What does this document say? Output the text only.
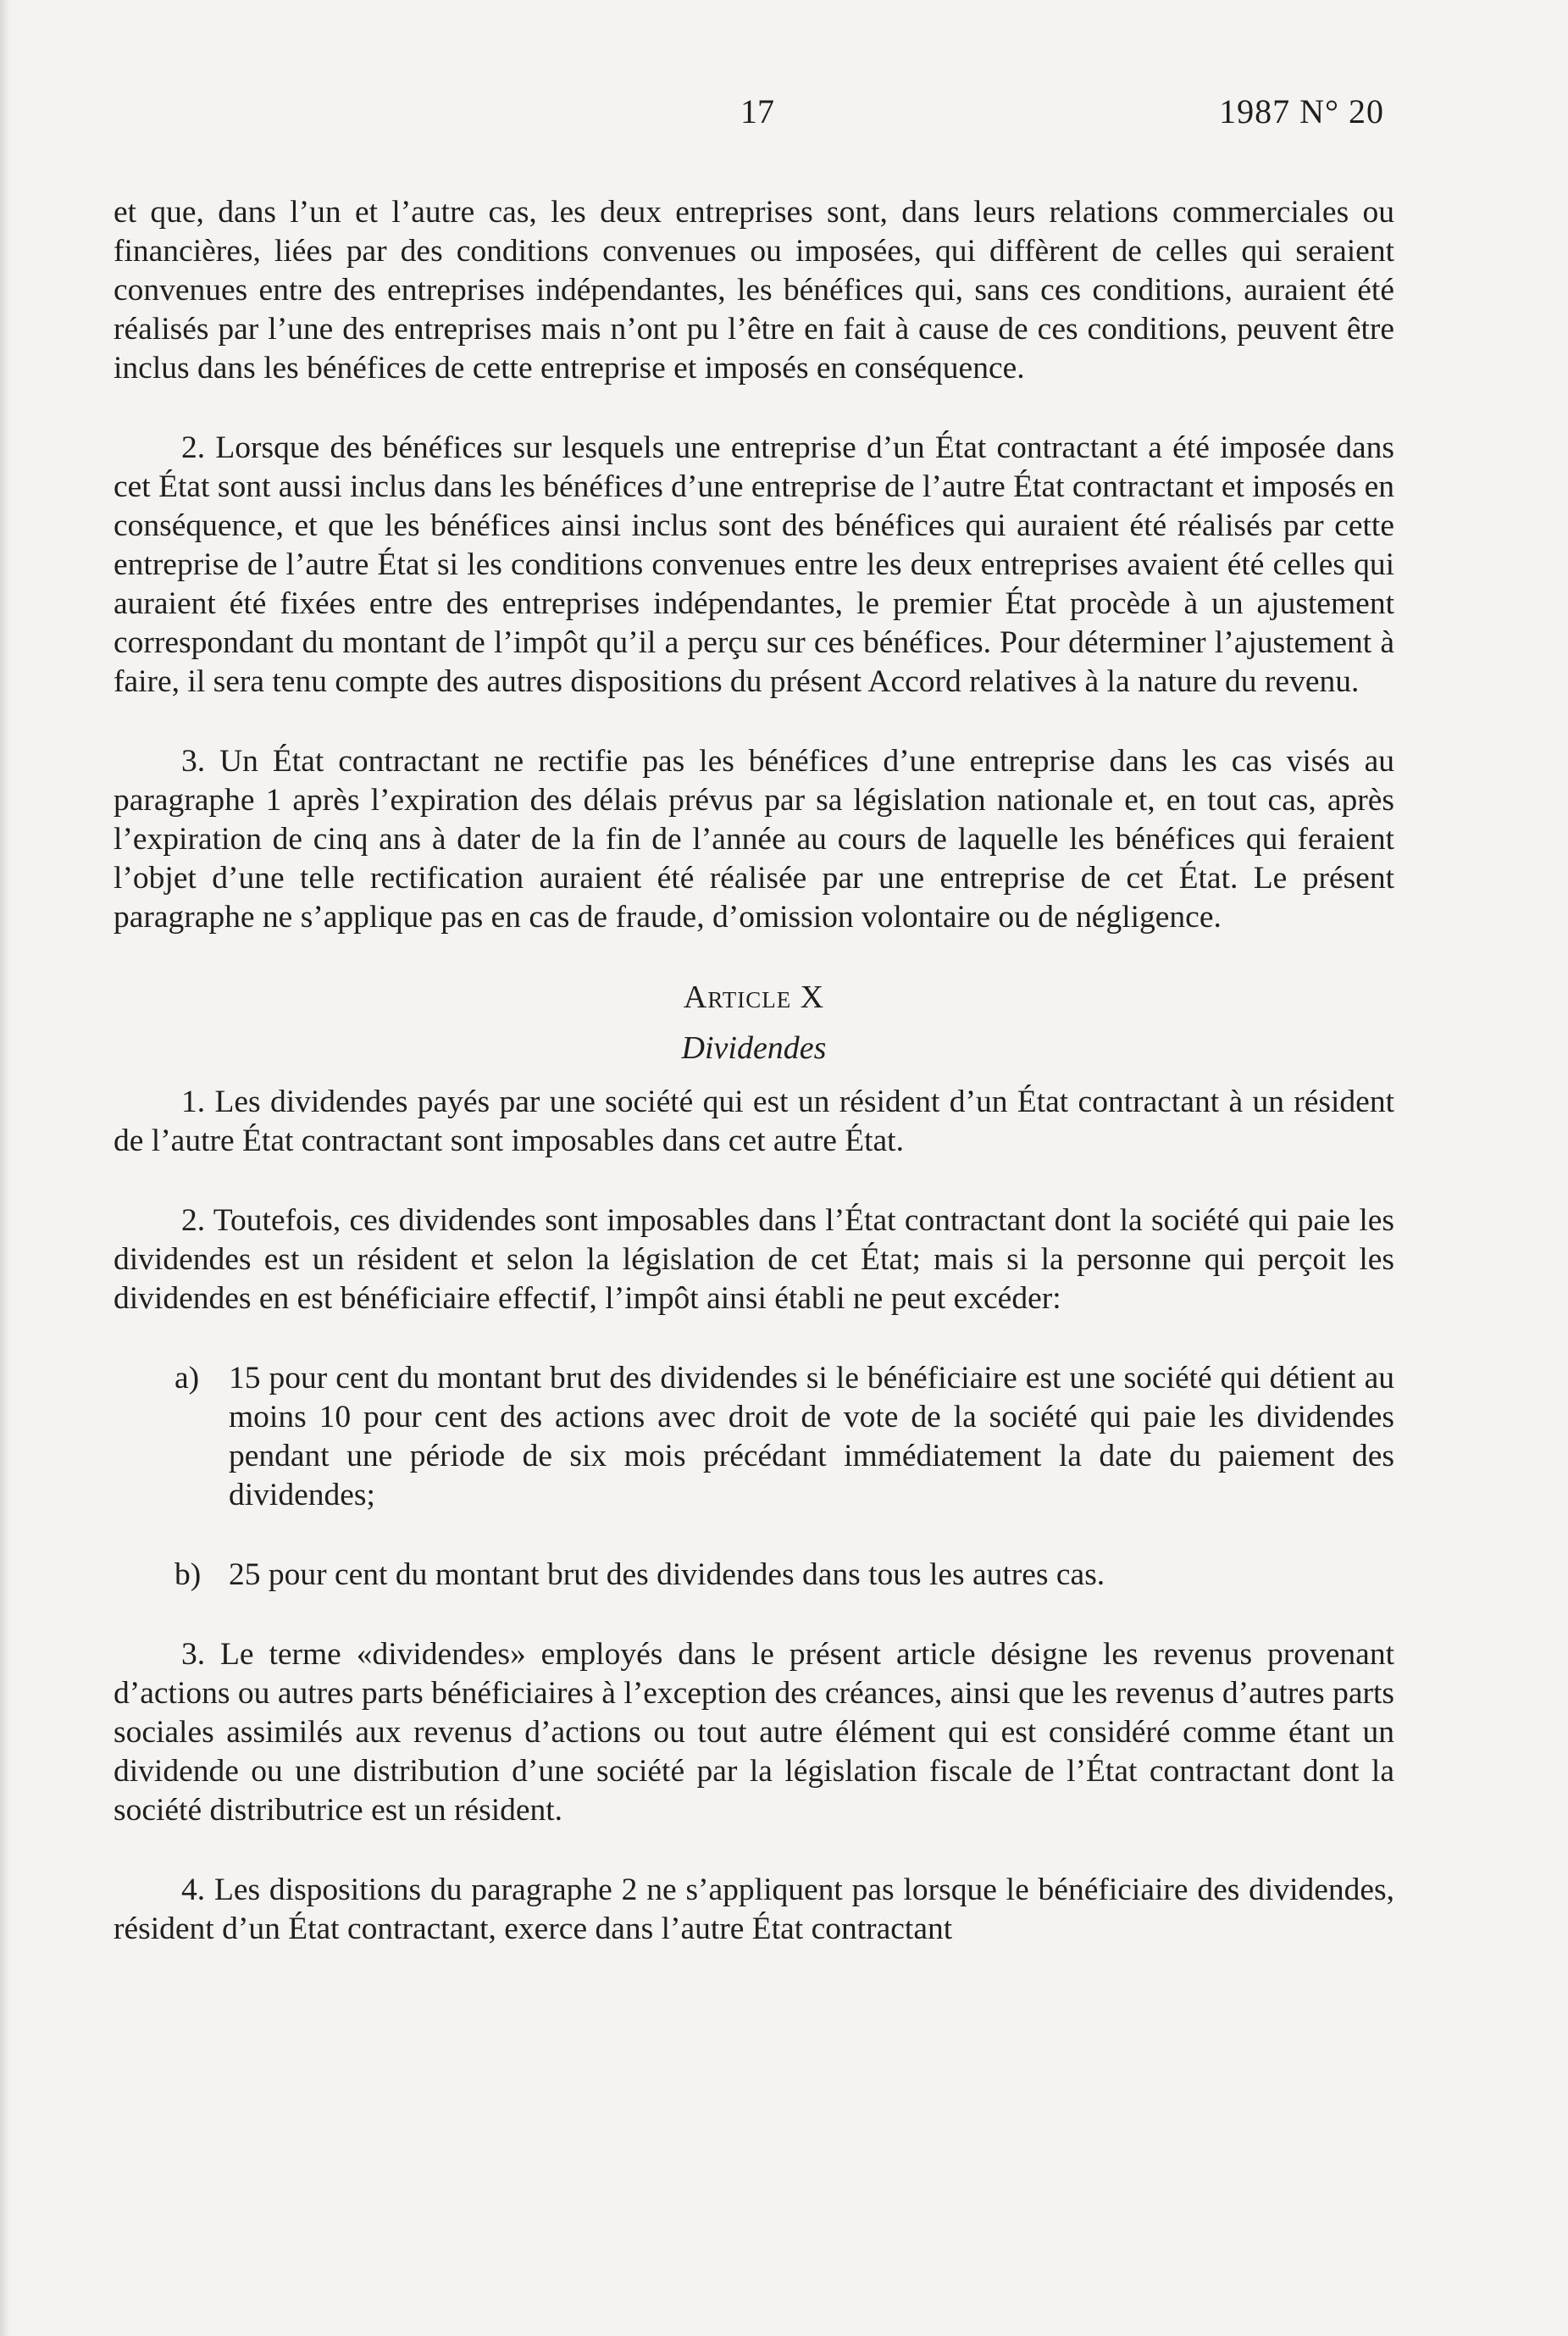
17	1987 N° 20

et que, dans l’un et l’autre cas, les deux entreprises sont, dans leurs relations commerciales ou financières, liées par des conditions convenues ou imposées, qui diffèrent de celles qui seraient convenues entre des entreprises indépendantes, les bénéfices qui, sans ces conditions, auraient été réalisés par l’une des entreprises mais n’ont pu l’être en fait à cause de ces conditions, peuvent être inclus dans les bénéfices de cette entreprise et imposés en conséquence.

2. Lorsque des bénéfices sur lesquels une entreprise d’un État contractant a été imposée dans cet État sont aussi inclus dans les bénéfices d’une entreprise de l’autre État contractant et imposés en conséquence, et que les bénéfices ainsi inclus sont des bénéfices qui auraient été réalisés par cette entreprise de l’autre État si les conditions convenues entre les deux entreprises avaient été celles qui auraient été fixées entre des entreprises indépendantes, le premier État procède à un ajustement correspondant du montant de l’impôt qu’il a perçu sur ces bénéfices. Pour déterminer l’ajustement à faire, il sera tenu compte des autres dispositions du présent Accord relatives à la nature du revenu.

3. Un État contractant ne rectifie pas les bénéfices d’une entreprise dans les cas visés au paragraphe 1 après l’expiration des délais prévus par sa législation nationale et, en tout cas, après l’expiration de cinq ans à dater de la fin de l’année au cours de laquelle les bénéfices qui feraient l’objet d’une telle rectification auraient été réalisée par une entreprise de cet État. Le présent paragraphe ne s’applique pas en cas de fraude, d’omission volontaire ou de négligence.

Article X
Dividendes

1. Les dividendes payés par une société qui est un résident d’un État contractant à un résident de l’autre État contractant sont imposables dans cet autre État.

2. Toutefois, ces dividendes sont imposables dans l’État contractant dont la société qui paie les dividendes est un résident et selon la législation de cet État; mais si la personne qui perçoit les dividendes en est bénéficiaire effectif, l’impôt ainsi établi ne peut excéder:

a) 15 pour cent du montant brut des dividendes si le bénéficiaire est une société qui détient au moins 10 pour cent des actions avec droit de vote de la société qui paie les dividendes pendant une période de six mois précédant immédiatement la date du paiement des dividendes;
b) 25 pour cent du montant brut des dividendes dans tous les autres cas.

3. Le terme «dividendes» employés dans le présent article désigne les revenus provenant d’actions ou autres parts bénéficiaires à l’exception des créances, ainsi que les revenus d’autres parts sociales assimilés aux revenus d’actions ou tout autre élément qui est considéré comme étant un dividende ou une distribution d’une société par la législation fiscale de l’État contractant dont la société distributrice est un résident.

4. Les dispositions du paragraphe 2 ne s’appliquent pas lorsque le bénéficiaire des dividendes, résident d’un État contractant, exerce dans l’autre État contractant
